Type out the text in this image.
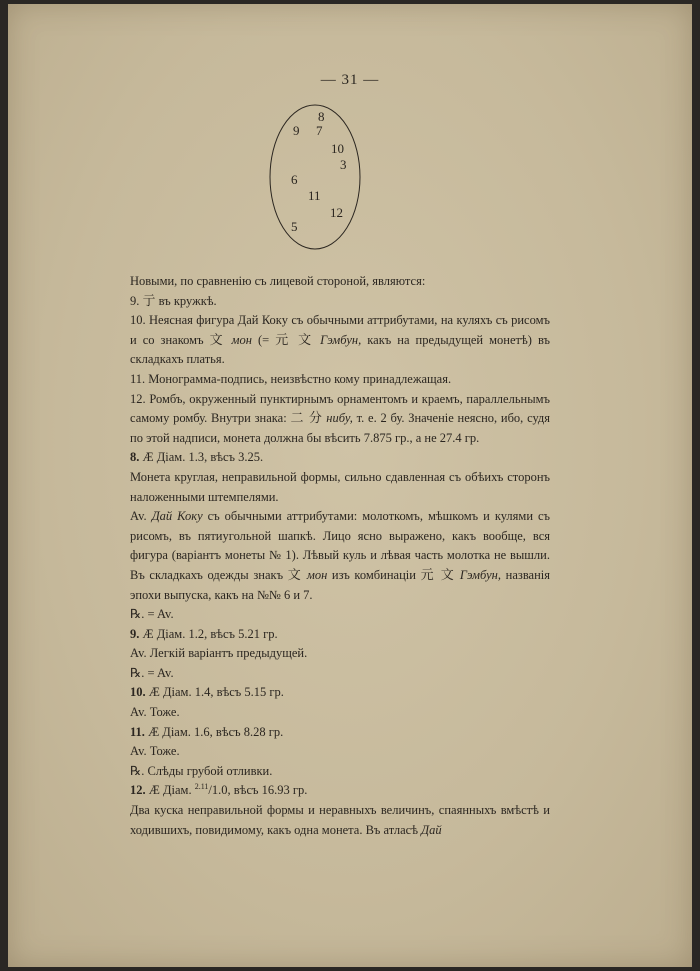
— 31 —
8
9 7
10
3
6
11
12
5

Новыми, по сравненію съ лицевой стороной, являются:

9. 亍 въ кружкѣ.

10. Неясная фигура Дай Коку съ обычными аттрибутами, на куляхъ съ рисомъ и со знакомъ 文 мон (= 元 文 Гэмбун, какъ на предыдущей монетѣ) въ складкахъ платья.

11. Монограмма-подпись, неизвѣстно кому принадлежащая.

12. Ромбъ, окруженный пунктирнымъ орнаментомъ и краемъ, параллельнымъ самому ромбу. Внутри знака: 二 分 нибу, т. е. 2 бу. Значеніе неясно, ибо, судя по этой надписи, монета должна бы вѣсить 7.875 гр., а не 27.4 гр.

8. Æ Діам. 1.3, вѣсъ 3.25.

Монета круглая, неправильной формы, сильно сдавленная съ обѣихъ сторонъ наложенными штемпелями.

Av. Дай Коку съ обычными аттрибутами: молоткомъ, мѣшкомъ и кулями съ рисомъ, въ пятиугольной шапкѣ. Лицо ясно выражено, какъ вообще, вся фигура (варіантъ монеты № 1). Лѣвый куль и лѣвая часть молотка не вышли. Въ складкахъ одежды знакъ 文 мон изъ комбинаціи 元 文 Гэмбун, названія эпохи выпуска, какъ на №№ 6 и 7.

℞. = Av.

9. Æ Діам. 1.2, вѣсъ 5.21 гр.

Av. Легкій варіантъ предыдущей.

℞. = Av.

10. Æ Діам. 1.4, вѣсъ 5.15 гр.

Av. Тоже.

11. Æ Діам. 1.6, вѣсъ 8.28 гр.

Av. Тоже.

℞. Слѣды грубой отливки.

12. Æ Діам. $^{2.11}$/1.0, вѣсъ 16.93 гр.

Два куска неправильной формы и неравныхъ величинъ, спаянныхъ вмѣстѣ и ходившихъ, повидимому, какъ одна монета. Въ атласѣ Дай
